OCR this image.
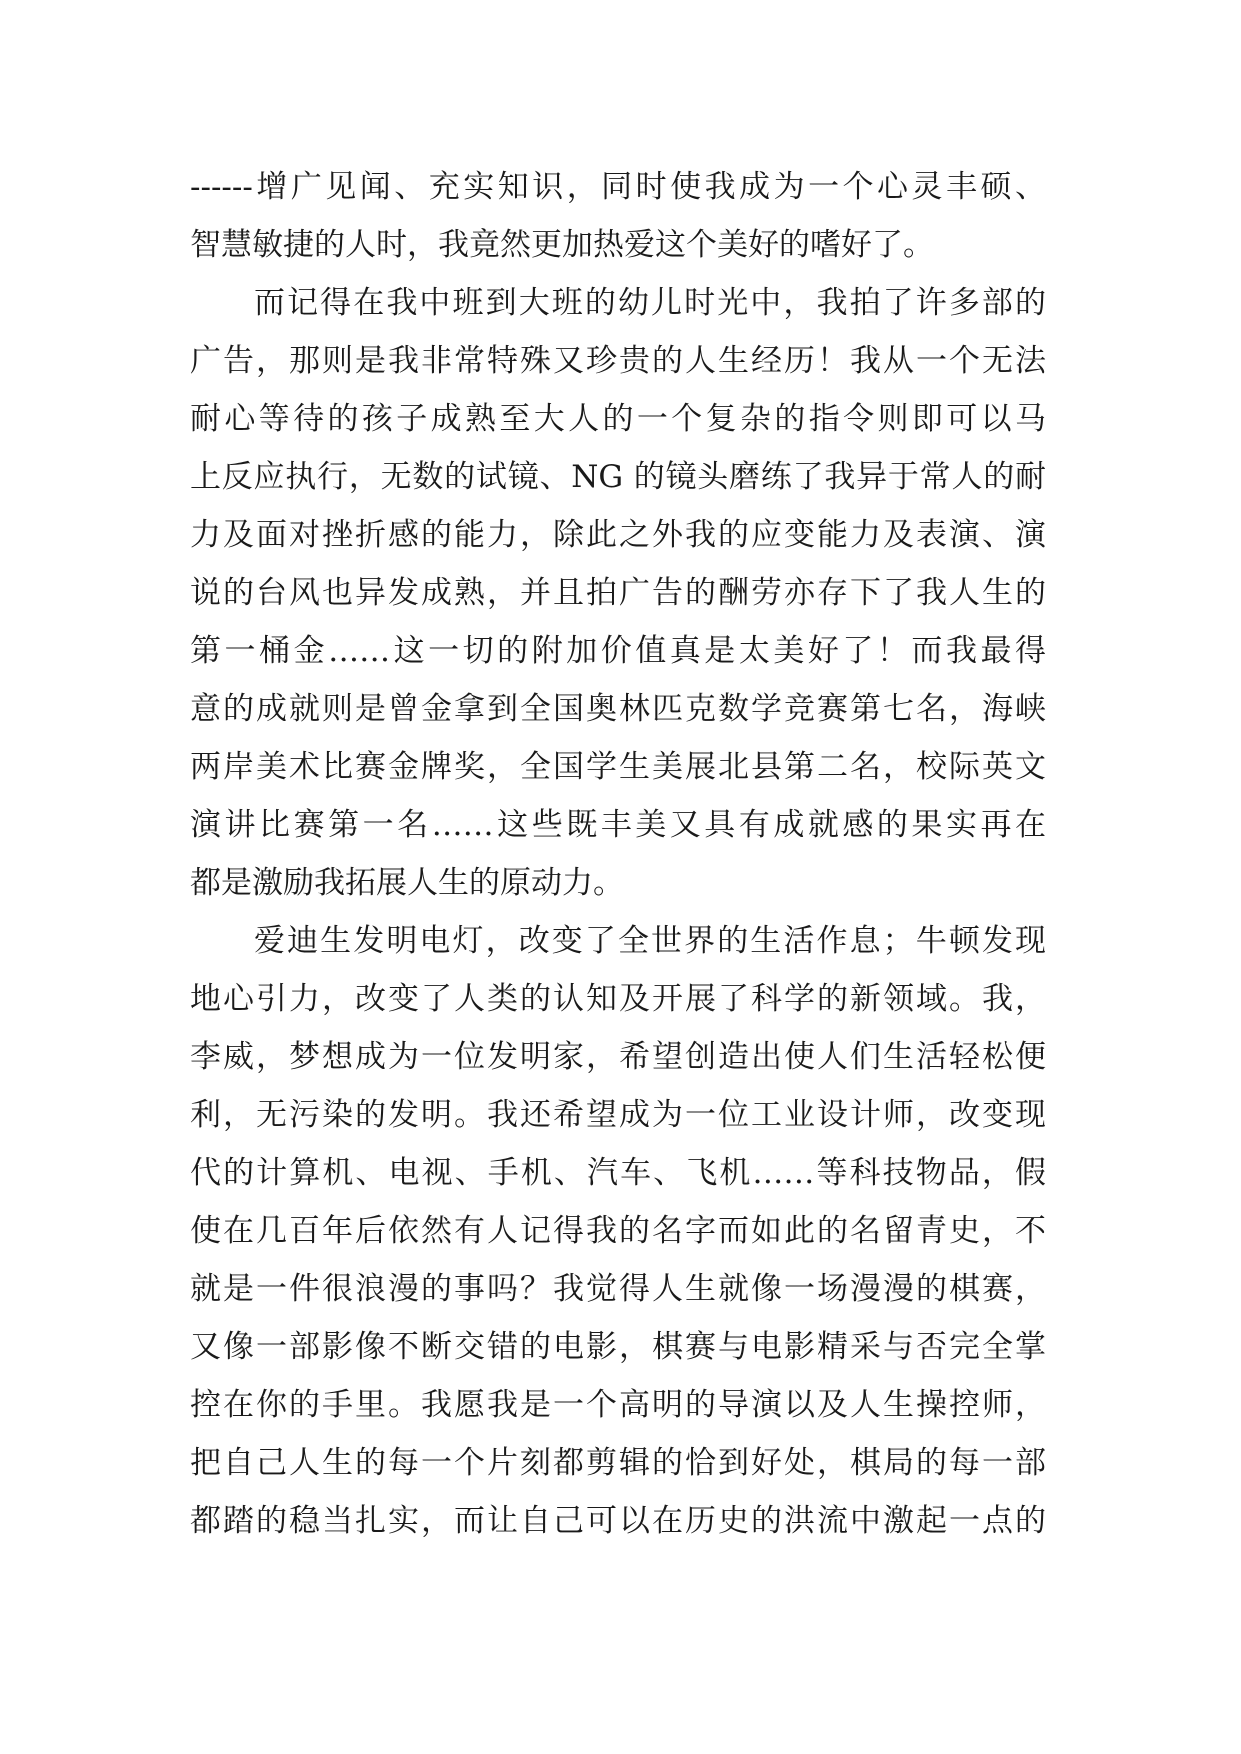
------增广见闻、充实知识，同时使我成为一个心灵丰硕、
智慧敏捷的人时，我竟然更加热爱这个美好的嗜好了。
而记得在我中班到大班的幼儿时光中，我拍了许多部的
广告，那则是我非常特殊又珍贵的人生经历！我从一个无法
耐心等待的孩子成熟至大人的一个复杂的指令则即可以马
上反应执行，无数的试镜、NG 的镜头磨练了我异于常人的耐
力及面对挫折感的能力，除此之外我的应变能力及表演、演
说的台风也异发成熟，并且拍广告的酬劳亦存下了我人生的
第一桶金……这一切的附加价值真是太美好了！而我最得
意的成就则是曾金拿到全国奥林匹克数学竞赛第七名，海峡
两岸美术比赛金牌奖，全国学生美展北县第二名，校际英文
演讲比赛第一名……这些既丰美又具有成就感的果实再在
都是激励我拓展人生的原动力。
爱迪生发明电灯，改变了全世界的生活作息；牛顿发现
地心引力，改变了人类的认知及开展了科学的新领域。我，
李威，梦想成为一位发明家，希望创造出使人们生活轻松便
利，无污染的发明。我还希望成为一位工业设计师，改变现
代的计算机、电视、手机、汽车、飞机……等科技物品，假
使在几百年后依然有人记得我的名字而如此的名留青史，不
就是一件很浪漫的事吗？我觉得人生就像一场漫漫的棋赛，
又像一部影像不断交错的电影，棋赛与电影精采与否完全掌
控在你的手里。我愿我是一个高明的导演以及人生操控师，
把自己人生的每一个片刻都剪辑的恰到好处，棋局的每一部
都踏的稳当扎实，而让自己可以在历史的洪流中激起一点的
